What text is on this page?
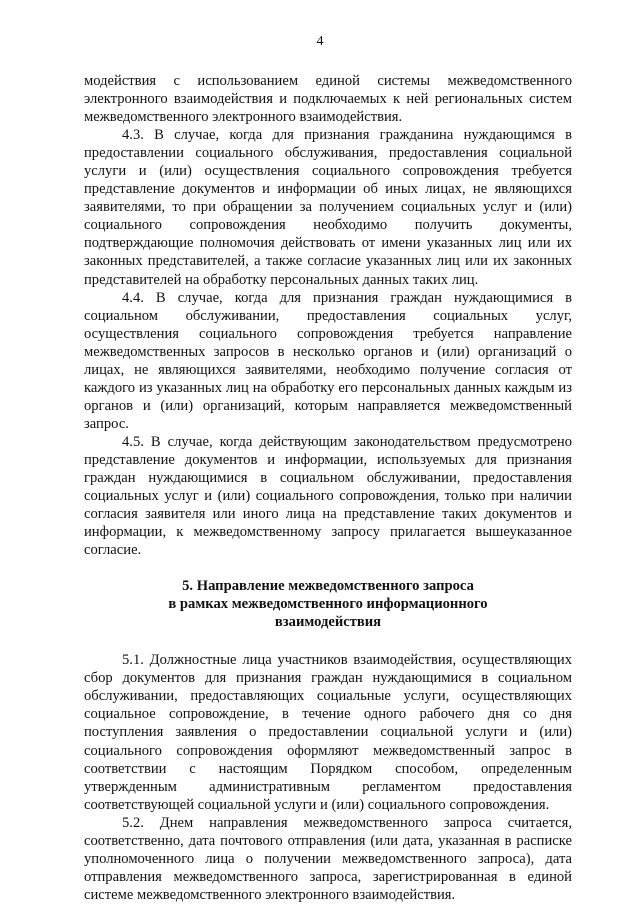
4

модействия с использованием единой системы межведомственного электронного взаимодействия и подключаемых к ней региональных систем межведомственного электронного взаимодействия.

4.3. В случае, когда для признания гражданина нуждающимся в предоставлении социального обслуживания, предоставления социальной услуги и (или) осуществления социального сопровождения требуется представление документов и информации об иных лицах, не являющихся заявителями, то при обращении за получением социальных услуг и (или) социального сопровождения необходимо получить документы, подтверждающие полномочия действовать от имени указанных лиц или их законных представителей, а также согласие указанных лиц или их законных представителей на обработку персональных данных таких лиц.

4.4. В случае, когда для признания граждан нуждающимися в социальном обслуживании, предоставления социальных услуг, осуществления социального сопровождения требуется направление межведомственных запросов в несколько органов и (или) организаций о лицах, не являющихся заявителями, необходимо получение согласия от каждого из указанных лиц на обработку его персональных данных каждым из органов и (или) организаций, которым направляется межведомственный запрос.

4.5. В случае, когда действующим законодательством предусмотрено представление документов и информации, используемых для признания граждан нуждающимися в социальном обслуживании, предоставления социальных услуг и (или) социального сопровождения, только при наличии согласия заявителя или иного лица на представление таких документов и информации, к межведомственному запросу прилагается вышеуказанное согласие.

5. Направление межведомственного запроса
в рамках межведомственного информационного
взаимодействия

5.1. Должностные лица участников взаимодействия, осуществляющих сбор документов для признания граждан нуждающимися в социальном обслуживании, предоставляющих социальные услуги, осуществляющих социальное сопровождение, в течение одного рабочего дня со дня поступления заявления о предоставлении социальной услуги и (или) социального сопровождения оформляют межведомственный запрос в соответствии с настоящим Порядком способом, определенным утвержденным административным регламентом предоставления соответствующей социальной услуги и (или) социального сопровождения.

5.2. Днем направления межведомственного запроса считается, соответственно, дата почтового отправления (или дата, указанная в расписке уполномоченного лица о получении межведомственного запроса), дата отправления межведомственного запроса, зарегистрированная в единой системе межведомственного электронного взаимодействия.
